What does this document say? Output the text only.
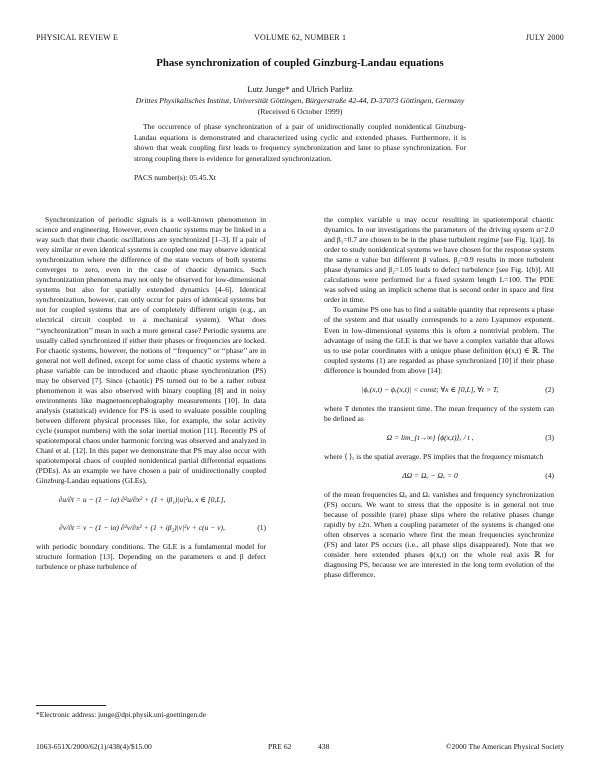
PHYSICAL REVIEW E	VOLUME 62, NUMBER 1	JULY 2000
Phase synchronization of coupled Ginzburg-Landau equations
Lutz Junge* and Ulrich Parlitz
Drittes Physikalisches Institut, Universität Göttingen, Bürgerstraße 42-44, D-37073 Göttingen, Germany
(Received 6 October 1999)
The occurrence of phase synchronization of a pair of unidirectionally coupled nonidentical Ginzburg-Landau equations is demonstrated and characterized using cyclic and extended phases. Furthermore, it is shown that weak coupling first leads to frequency synchronization and later to phase synchronization. For strong coupling there is evidence for generalized synchronization.
PACS number(s): 05.45.Xt

Synchronization of periodic signals is a well-known phenomenon in science and engineering. However, even chaotic systems may be linked in a way such that their chaotic oscillations are synchronized [1–3]. If a pair of very similar or even identical systems is coupled one may observe identical synchronization where the difference of the state vectors of both systems converges to zero, even in the case of chaotic dynamics. Such synchronization phenomena may not only be observed for low-dimensional systems but also for spatially extended dynamics [4–6]. Identical synchronization, however, can only occur for pairs of identical systems but not for coupled systems that are of completely different origin (e.g., an electrical circuit coupled to a mechanical system). What does ‘‘synchronization’’ mean in such a more general case? Periodic systems are usually called synchronized if either their phases or frequencies are locked. For chaotic systems, however, the notions of ‘‘frequency’’ or ‘‘phase’’ are in general not well defined, except for some class of chaotic systems where a phase variable can be introduced and chaotic phase synchronization (PS) may be observed [7]. Since (chaotic) PS turned out to be a rather robust phenomenon it was also observed with binary coupling [8] and in noisy environments like magnetoencephalography measurements [10]. In data analysis (statistical) evidence for PS is used to evaluate possible coupling between different physical processes like, for example, the solar activity cycle (sunspot numbers) with the solar inertial motion [11]. Recently PS of spatiotemporal chaos under harmonic forcing was observed and analyzed in Chaté et al. [12]. In this paper we demonstrate that PS may also occur with spatiotemporal chaos of coupled nonidentical partial differential equations (PDEs). As an example we have chosen a pair of unidirectionally coupled Ginzburg-Landau equations (GLEs),

∂u/∂t = u − (1 − iα) ∂²u/∂x² + (1 + iβ₁)|u|²u, x ∈ [0,L],
∂v/∂t = v − (1 − iα) ∂²v/∂x² + (1 + iβ₂)|v|²v + c(u − v),	(1)

with periodic boundary conditions. The GLE is a fundamental model for structure formation [13]. Depending on the parameters α and β defect turbulence or phase turbulence of

the complex variable u may occur resulting in spatiotemporal chaotic dynamics. In our investigations the parameters of the driving system α=2.0 and β₁=0.7 are chosen to be in the phase turbulent regime [see Fig. 1(a)]. In order to study nonidentical systems we have chosen for the response system the same α value but different β values. β₂=0.9 results in more turbulent phase dynamics and β₂=1.05 leads to defect turbulence [see Fig. 1(b)]. All calculations were performed for a fixed system length L=100. The PDE was solved using an implicit scheme that is second order in space and first order in time.

To examine PS one has to find a suitable quantity that represents a phase of the system and that usually corresponds to a zero Lyapunov exponent. Even in low-dimensional systems this is often a nontrivial problem. The advantage of using the GLE is that we have a complex variable that allows us to use polar coordinates with a unique phase definition ϕ(x,t) ∈ ℝ. The coupled systems (1) are regarded as phase synchronized [10] if their phase difference is bounded from above [14]:

|ϕᵤ(x,t) − ϕᵥ(x,t)| < const; ∀x ∈ [0,L], ∀t > T,	(2)

where T denotes the transient time. The mean frequency of the system can be defined as

Ω = lim_{t→∞} ⟨ϕ(x,t)⟩ₓ / t ,	(3)

where ⟨ ⟩ₓ is the spatial average. PS implies that the frequency mismatch

ΔΩ = Ωᵤ − Ωᵥ = 0	(4)

of the mean frequencies Ωᵤ and Ωᵥ vanishes and frequency synchronization (FS) occurs. We want to stress that the opposite is in general not true because of possible (rare) phase slips where the relative phases change rapidly by ±2π. When a coupling parameter of the systems is changed one often observes a scenario where first the mean frequencies synchronize (FS) and later PS occurs (i.e., all phase slips disappeared). Note that we consider here extended phases ϕ(x,t) on the whole real axis ℝ for diagnosing PS, because we are interested in the long term evolution of the phase difference.

*Electronic address: junge@dpi.physik.uni-goettingen.de
1063-651X/2000/62(1)/438(4)/$15.00	PRE 62	438	©2000 The American Physical Society
